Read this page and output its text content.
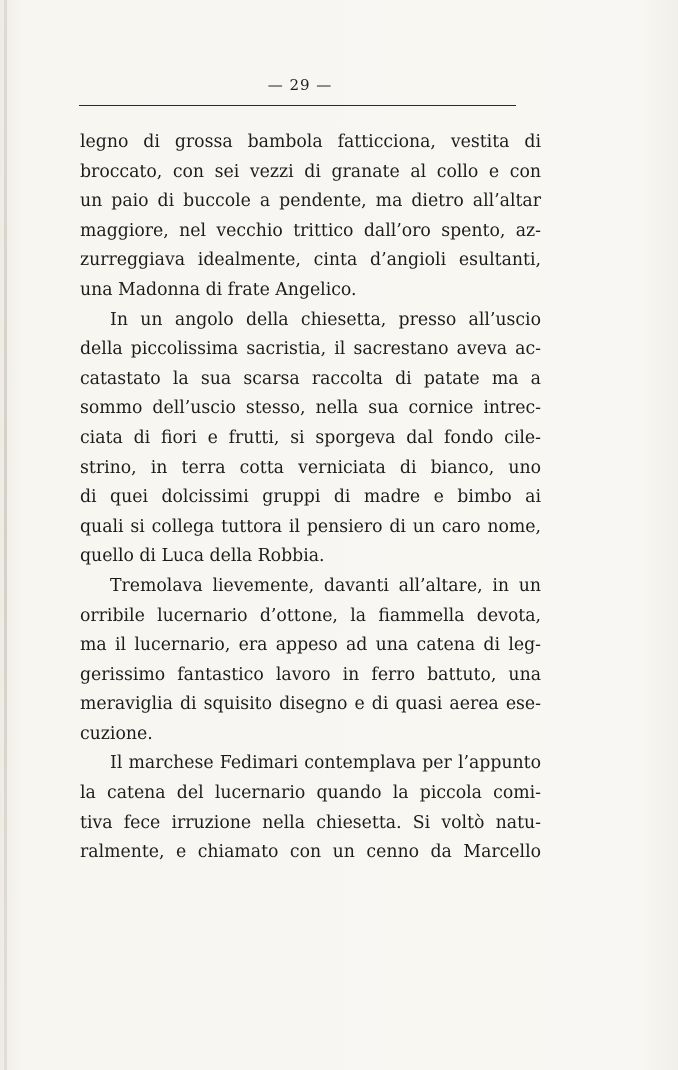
— 29 —
legno di grossa bambola fatticciona, vestita di
broccato, con sei vezzi di granate al collo e con
un paio di buccole a pendente, ma dietro all’altar
maggiore, nel vecchio trittico dall’oro spento, az-
zurreggiava idealmente, cinta d’angioli esultanti,
una Madonna di frate Angelico.
In un angolo della chiesetta, presso all’uscio
della piccolissima sacristia, il sacrestano aveva ac-
catastato la sua scarsa raccolta di patate ma a
sommo dell’uscio stesso, nella sua cornice intrec-
ciata di fiori e frutti, si sporgeva dal fondo cile-
strino, in terra cotta verniciata di bianco, uno
di quei dolcissimi gruppi di madre e bimbo ai
quali si collega tuttora il pensiero di un caro nome,
quello di Luca della Robbia.
Tremolava lievemente, davanti all’altare, in un
orribile lucernario d’ottone, la fiammella devota,
ma il lucernario, era appeso ad una catena di leg-
gerissimo fantastico lavoro in ferro battuto, una
meraviglia di squisito disegno e di quasi aerea ese-
cuzione.
Il marchese Fedimari contemplava per l’appunto
la catena del lucernario quando la piccola comi-
tiva fece irruzione nella chiesetta. Si voltò natu-
ralmente, e chiamato con un cenno da Marcello
